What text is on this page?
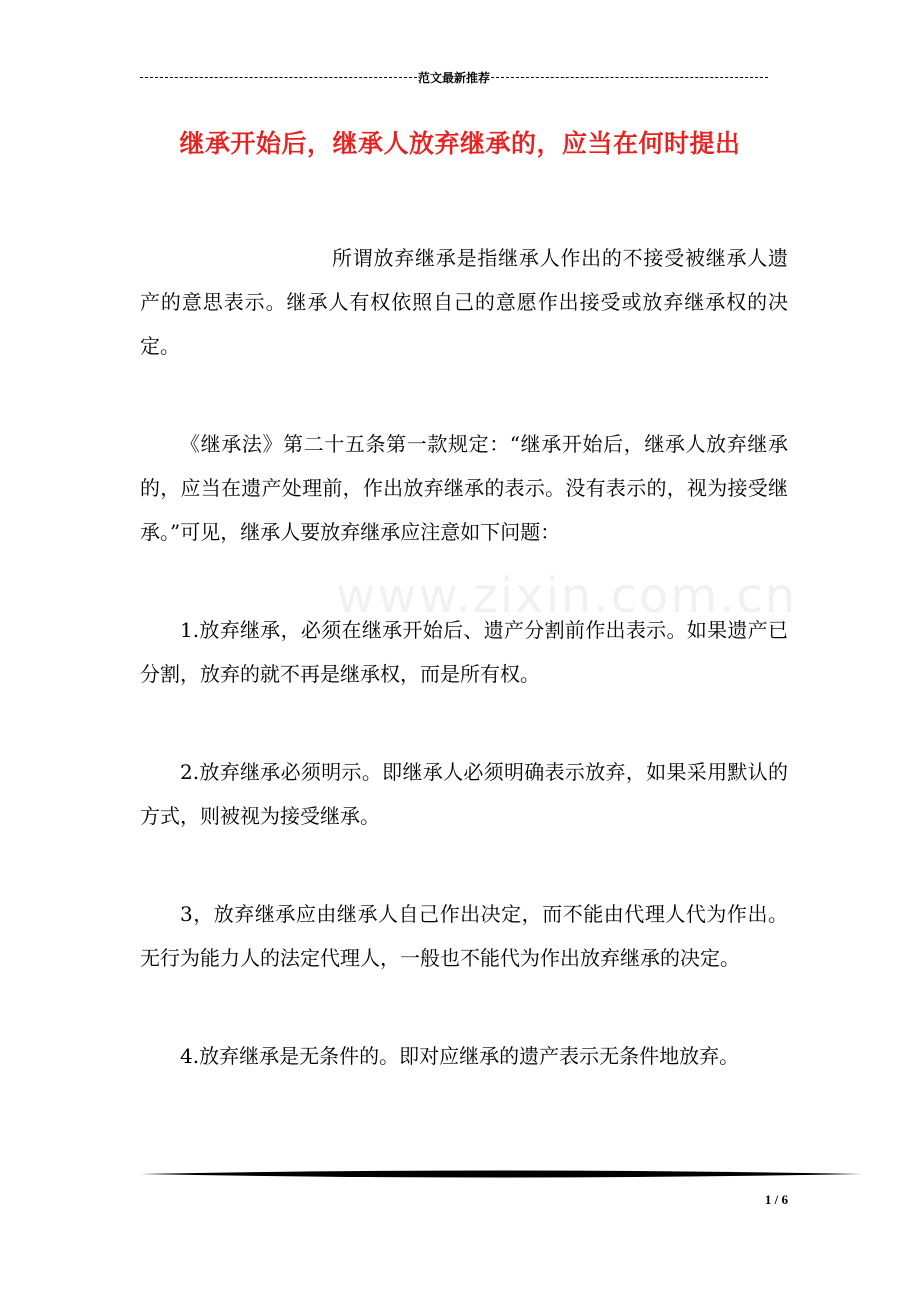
范文最新推荐
继承开始后，继承人放弃继承的，应当在何时提出
www.zixin.com.cn

所谓放弃继承是指继承人作出的不接受被继承人遗产的意思表示。继承人有权依照自己的意愿作出接受或放弃继承权的决定。

《继承法》第二十五条第一款规定：“继承开始后，继承人放弃继承的，应当在遗产处理前，作出放弃继承的表示。没有表示的，视为接受继承。”可见，继承人要放弃继承应注意如下问题：

1.放弃继承，必须在继承开始后、遗产分割前作出表示。如果遗产已分割，放弃的就不再是继承权，而是所有权。

2.放弃继承必须明示。即继承人必须明确表示放弃，如果采用默认的方式，则被视为接受继承。

3，放弃继承应由继承人自己作出决定，而不能由代理人代为作出。无行为能力人的法定代理人，一般也不能代为作出放弃继承的决定。

4.放弃继承是无条件的。即对应继承的遗产表示无条件地放弃。

1 / 6
